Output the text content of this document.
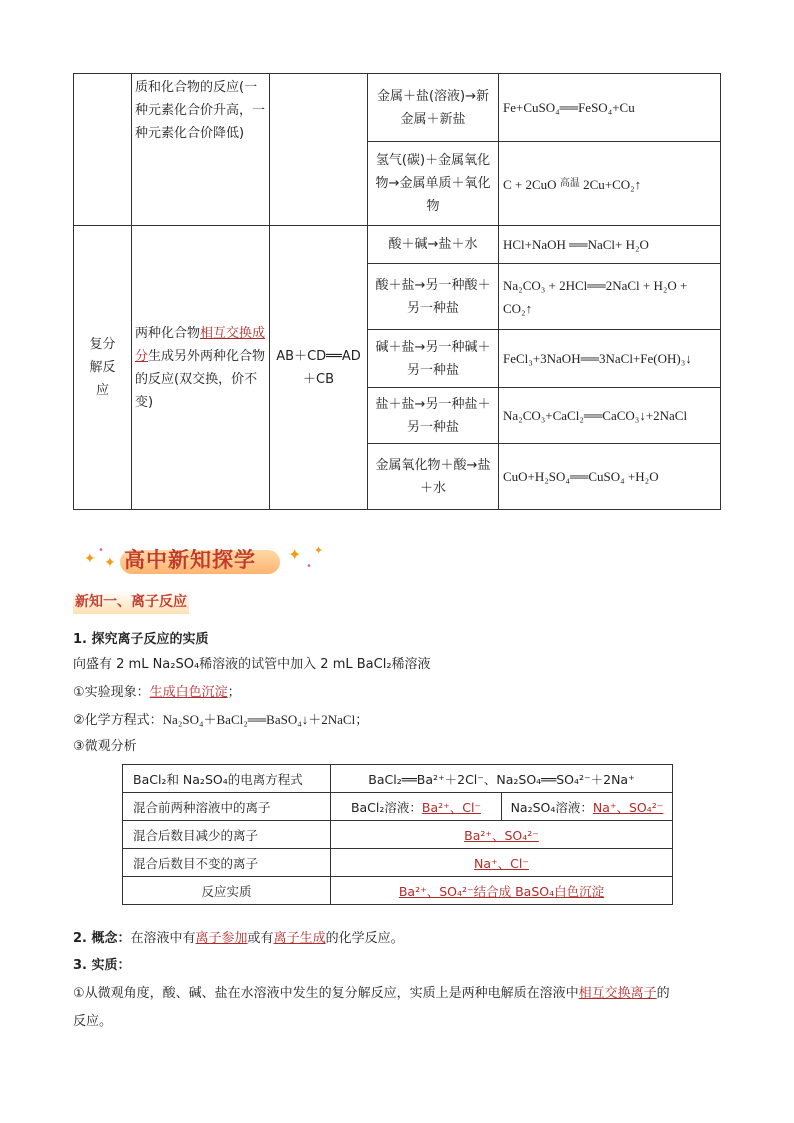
	质和化合物的反应(一种元素化合价升高，一种元素化合价降低)		金属＋盐(溶液)→新金属＋新盐	Fe+CuSO₄══FeSO₄+Cu
			氢气(碳)＋金属氧化物→金属单质＋氧化物	C + 2CuO 高温 2Cu+CO₂↑
复分解反应	两种化合物相互交换成分生成另外两种化合物的反应(双交换，价不变)	AB＋CD══AD＋CB	酸＋碱→盐＋水	HCl+NaOH ══NaCl+ H₂O
			酸＋盐→另一种酸＋另一种盐	Na₂CO₃ + 2HCl══2NaCl + H₂O + CO₂↑
			碱＋盐→另一种碱＋另一种盐	FeCl₃+3NaOH══3NaCl+Fe(OH)₃↓
			盐＋盐→另一种盐＋另一种盐	Na₂CO₃+CaCl₂══CaCO₃↓+2NaCl
			金属氧化物＋酸→盐＋水	CuO+H₂SO₄══CuSO₄ +H₂O
✦
•
✦ 高中新知探学 ✦
•
✦
新知一、离子反应
1. 探究离子反应的实质
向盛有 2 mL Na₂SO₄稀溶液的试管中加入 2 mL BaCl₂稀溶液
①实验现象：生成白色沉淀；
②化学方程式：Na₂SO₄＋BaCl₂══BaSO₄↓＋2NaCl；
③微观分析
BaCl₂和 Na₂SO₄的电离方程式	BaCl₂══Ba²⁺＋2Cl⁻、Na₂SO₄══SO₄²⁻＋2Na⁺
混合前两种溶液中的离子	BaCl₂溶液： Ba²⁺、Cl⁻ Na₂SO₄溶液： Na⁺、SO₄²⁻

混合后数目减少的离子	Ba²⁺、SO₄²⁻
混合后数目不变的离子	Na⁺、Cl⁻
反应实质	Ba²⁺、SO₄²⁻结合成 BaSO₄白色沉淀
2. 概念：在溶液中有离子参加或有离子生成的化学反应。
3. 实质：
①从微观角度，酸、碱、盐在水溶液中发生的复分解反应，实质上是两种电解质在溶液中相互交换离子的
反应。
